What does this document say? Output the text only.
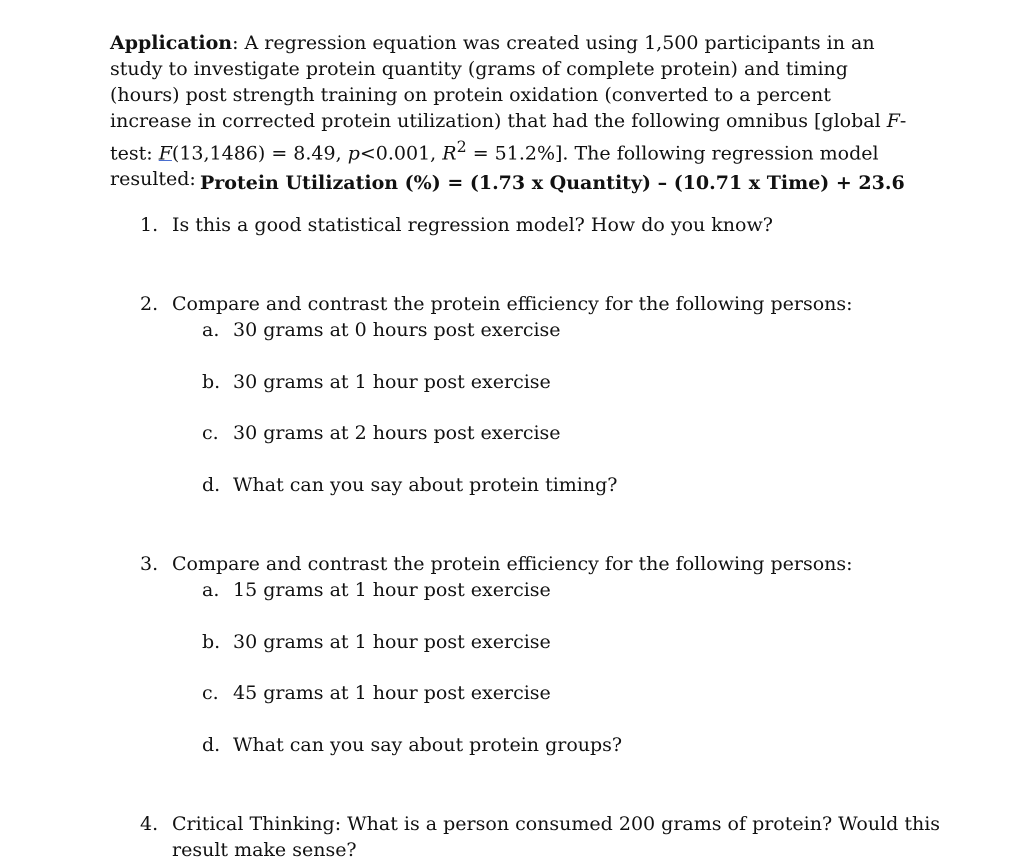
Application: A regression equation was created using 1,500 participants in an study to investigate protein quantity (grams of complete protein) and timing (hours) post strength training on protein oxidation (converted to a percent increase in corrected protein utilization) that had the following omnibus [global F-test: F(13,1486) = 8.49, p<0.001, $R^2 = 51.2\%$]. The following regression model resulted: Protein Utilization (%) = (1.73 x Quantity) – (10.71 x Time) + 23.6
1. Is this a good statistical regression model? How do you know?
2. Compare and contrast the protein efficiency for the following persons:
a. 30 grams at 0 hours post exercise
b. 30 grams at 1 hour post exercise
c. 30 grams at 2 hours post exercise
d. What can you say about protein timing?
3. Compare and contrast the protein efficiency for the following persons:
a. 15 grams at 1 hour post exercise
b. 30 grams at 1 hour post exercise
c. 45 grams at 1 hour post exercise
d. What can you say about protein groups?
4. Critical Thinking: What is a person consumed 200 grams of protein? Would this
result make sense?
